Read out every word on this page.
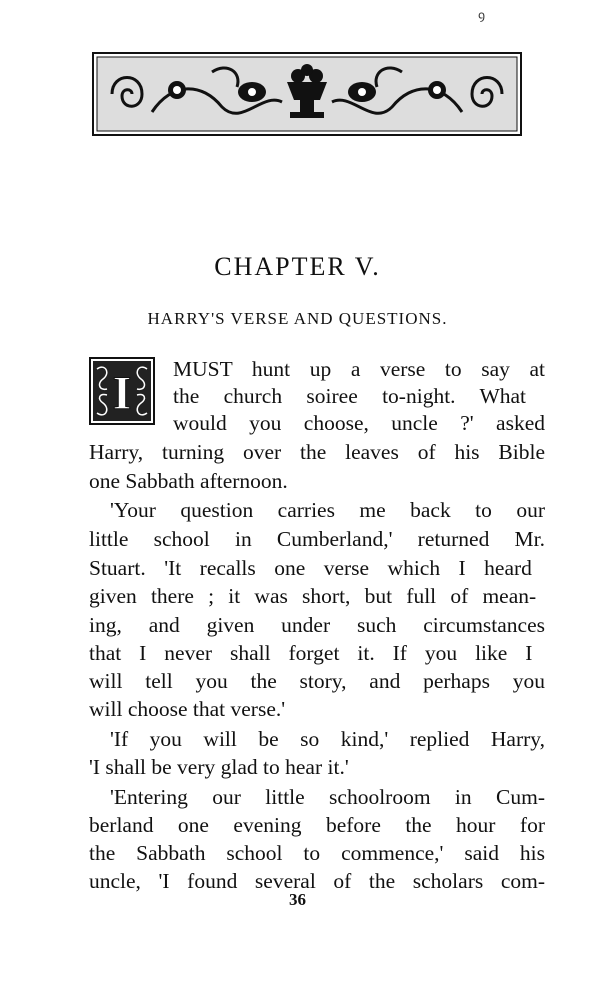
ꝯ
CHAPTER V.
HARRY'S VERSE AND QUESTIONS.
I MUST hunt up a verse to say at
the church soiree to-night. What
would you choose, uncle ?' asked
Harry, turning over the leaves of his Bible
one Sabbath afternoon.
'Your question carries me back to our
little school in Cumberland,' returned Mr.
Stuart. 'It recalls one verse which I heard
given there ; it was short, but full of mean-
ing, and given under such circumstances
that I never shall forget it. If you like I
will tell you the story, and perhaps you
will choose that verse.'
'If you will be so kind,' replied Harry,
'I shall be very glad to hear it.'
'Entering our little schoolroom in Cum-
berland one evening before the hour for
the Sabbath school to commence,' said his
uncle, 'I found several of the scholars com-
36
